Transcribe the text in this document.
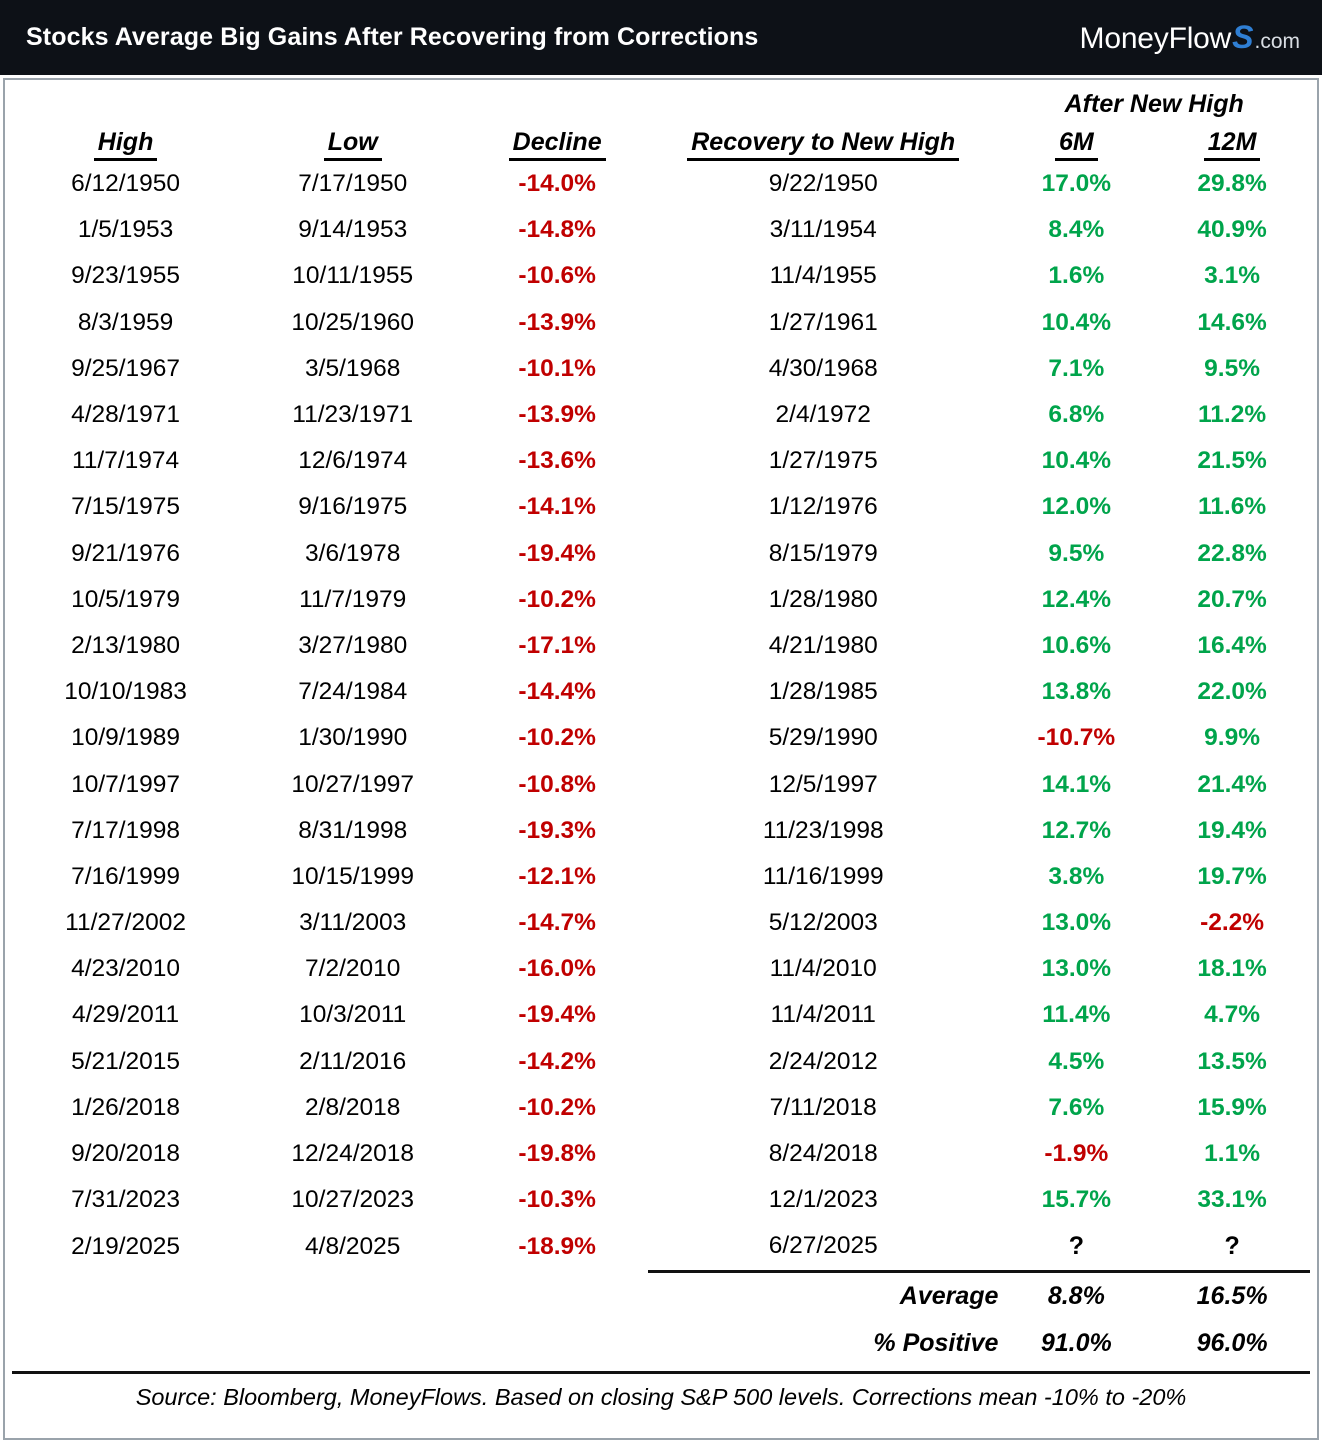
Stocks Average Big Gains After Recovering from Corrections	Money Flow S .com
				After New High	
High	Low	Decline	Recovery to New High	6M	12M
6/12/1950	7/17/1950	-14.0%	9/22/1950	17.0%	29.8%
1/5/1953	9/14/1953	-14.8%	3/11/1954	8.4%	40.9%
9/23/1955	10/11/1955	-10.6%	11/4/1955	1.6%	3.1%
8/3/1959	10/25/1960	-13.9%	1/27/1961	10.4%	14.6%
9/25/1967	3/5/1968	-10.1%	4/30/1968	7.1%	9.5%
4/28/1971	11/23/1971	-13.9%	2/4/1972	6.8%	11.2%
11/7/1974	12/6/1974	-13.6%	1/27/1975	10.4%	21.5%
7/15/1975	9/16/1975	-14.1%	1/12/1976	12.0%	11.6%
9/21/1976	3/6/1978	-19.4%	8/15/1979	9.5%	22.8%
10/5/1979	11/7/1979	-10.2%	1/28/1980	12.4%	20.7%
2/13/1980	3/27/1980	-17.1%	4/21/1980	10.6%	16.4%
10/10/1983	7/24/1984	-14.4%	1/28/1985	13.8%	22.0%
10/9/1989	1/30/1990	-10.2%	5/29/1990	-10.7%	9.9%
10/7/1997	10/27/1997	-10.8%	12/5/1997	14.1%	21.4%
7/17/1998	8/31/1998	-19.3%	11/23/1998	12.7%	19.4%
7/16/1999	10/15/1999	-12.1%	11/16/1999	3.8%	19.7%
11/27/2002	3/11/2003	-14.7%	5/12/2003	13.0%	-2.2%
4/23/2010	7/2/2010	-16.0%	11/4/2010	13.0%	18.1%
4/29/2011	10/3/2011	-19.4%	11/4/2011	11.4%	4.7%
5/21/2015	2/11/2016	-14.2%	2/24/2012	4.5%	13.5%
1/26/2018	2/8/2018	-10.2%	7/11/2018	7.6%	15.9%
9/20/2018	12/24/2018	-19.8%	8/24/2018	-1.9%	1.1%
7/31/2023	10/27/2023	-10.3%	12/1/2023	15.7%	33.1%
2/19/2025	4/8/2025	-18.9%	6/27/2025	?	?

			Average	8.8%	16.5%
			% Positive	91.0%	96.0%
Source: Bloomberg, MoneyFlows. Based on closing S&P 500 levels. Corrections mean -10% to -20%
